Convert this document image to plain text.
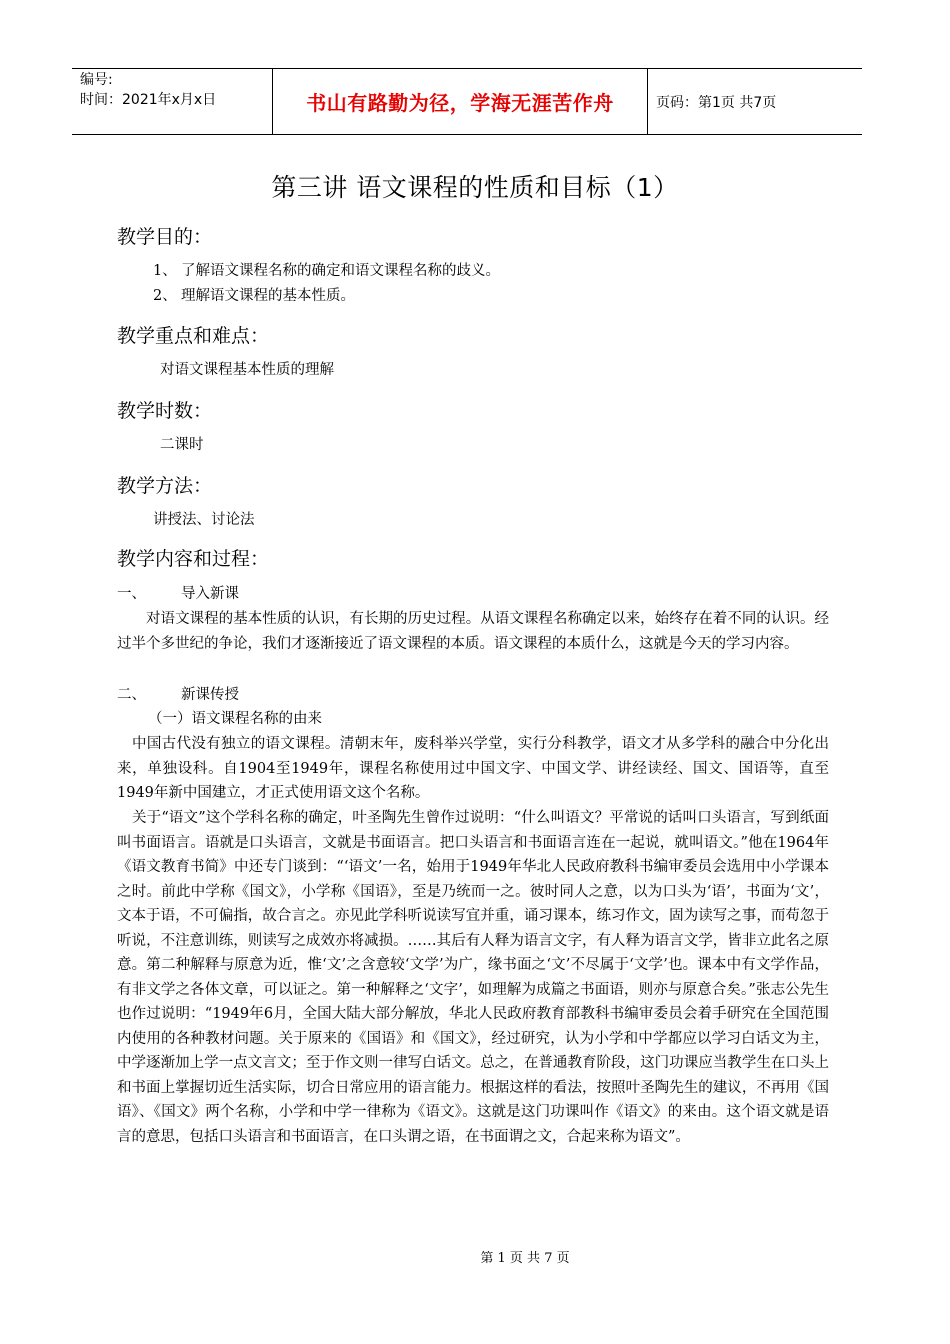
编号:
时间：2021年x月x日	书山有路勤为径，学海无涯苦作舟	页码：第1页 共7页
第三讲 语文课程的性质和目标（1）
教学目的：
1、 了解语文课程名称的确定和语文课程名称的歧义。
2、 理解语文课程的基本性质。
教学重点和难点：
对语文课程基本性质的理解
教学时数：
二课时
教学方法：
讲授法、讨论法
教学内容和过程：
一、 导入新课

对语文课程的基本性质的认识，有长期的历史过程。从语文课程名称确定以来，始终存在着不同的认识。经过半个多世纪的争论，我们才逐渐接近了语文课程的本质。语文课程的本质什么，这就是今天的学习内容。

二、 新课传授
（一）语文课程名称的由来

中国古代没有独立的语文课程。清朝末年，废科举兴学堂，实行分科教学，语文才从多学科的融合中分化出来，单独设科。自1904至1949年，课程名称使用过中国文字、中国文学、讲经读经、国文、国语等，直至1949年新中国建立，才正式使用语文这个名称。

关于“语文”这个学科名称的确定，叶圣陶先生曾作过说明：“什么叫语文？平常说的话叫口头语言，写到纸面叫书面语言。语就是口头语言，文就是书面语言。把口头语言和书面语言连在一起说，就叫语文。”他在1964年《语文教育书简》中还专门谈到：“‘语文’一名，始用于1949年华北人民政府教科书编审委员会选用中小学课本之时。前此中学称《国文》，小学称《国语》，至是乃统而一之。彼时同人之意，以为口头为‘语’，书面为‘文’，文本于语，不可偏指，故合言之。亦见此学科听说读写宜并重，诵习课本，练习作文，固为读写之事，而苟忽于听说，不注意训练，则读写之成效亦将减损。……其后有人释为语言文字，有人释为语言文学，皆非立此名之原意。第二种解释与原意为近，惟‘文’之含意较‘文学’为广，缘书面之‘文’不尽属于‘文学’也。课本中有文学作品，有非文学之各体文章，可以证之。第一种解释之‘文字’，如理解为成篇之书面语，则亦与原意合矣。”张志公先生也作过说明：“1949年6月，全国大陆大部分解放，华北人民政府教育部教科书编审委员会着手研究在全国范围内使用的各种教材问题。关于原来的《国语》和《国文》，经过研究，认为小学和中学都应以学习白话文为主，中学逐渐加上学一点文言文；至于作文则一律写白话文。总之，在普通教育阶段，这门功课应当教学生在口头上和书面上掌握切近生活实际，切合日常应用的语言能力。根据这样的看法，按照叶圣陶先生的建议，不再用《国语》、《国文》两个名称，小学和中学一律称为《语文》。这就是这门功课叫作《语文》的来由。这个语文就是语言的意思，包括口头语言和书面语言，在口头谓之语，在书面谓之文，合起来称为语文”。

第 1 页 共 7 页
